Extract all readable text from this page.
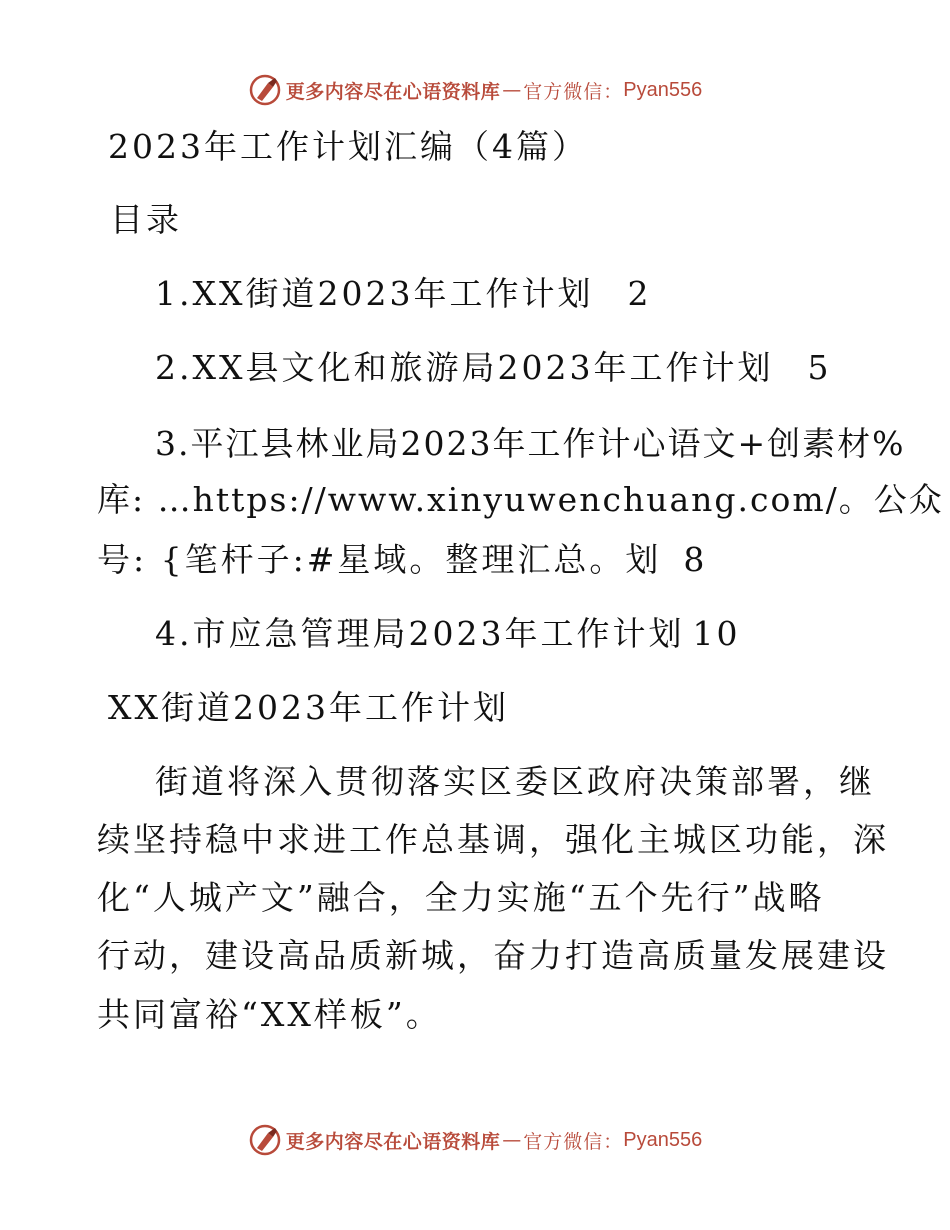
更多内容尽在心语资料库 — 官方微信： Pyan556
2023年工作计划汇编（4篇）
目录
1.XX街道2023年工作计划 2
2.XX县文化和旅游局2023年工作计划 5
3.平江县林业局2023年工作计心语文+创素材%
库: …https://www.xinyuwenchuang.com/。公众
号: {笔杆子:#星域。整理汇总。划 8
4.市应急管理局2023年工作计划 10
XX街道2023年工作计划
街道将深入贯彻落实区委区政府决策部署，继
续坚持稳中求进工作总基调，强化主城区功能，深
化“人城产文”融合，全力实施“五个先行”战略
行动，建设高品质新城，奋力打造高质量发展建设
共同富裕“XX样板”。
更多内容尽在心语资料库 — 官方微信： Pyan556
